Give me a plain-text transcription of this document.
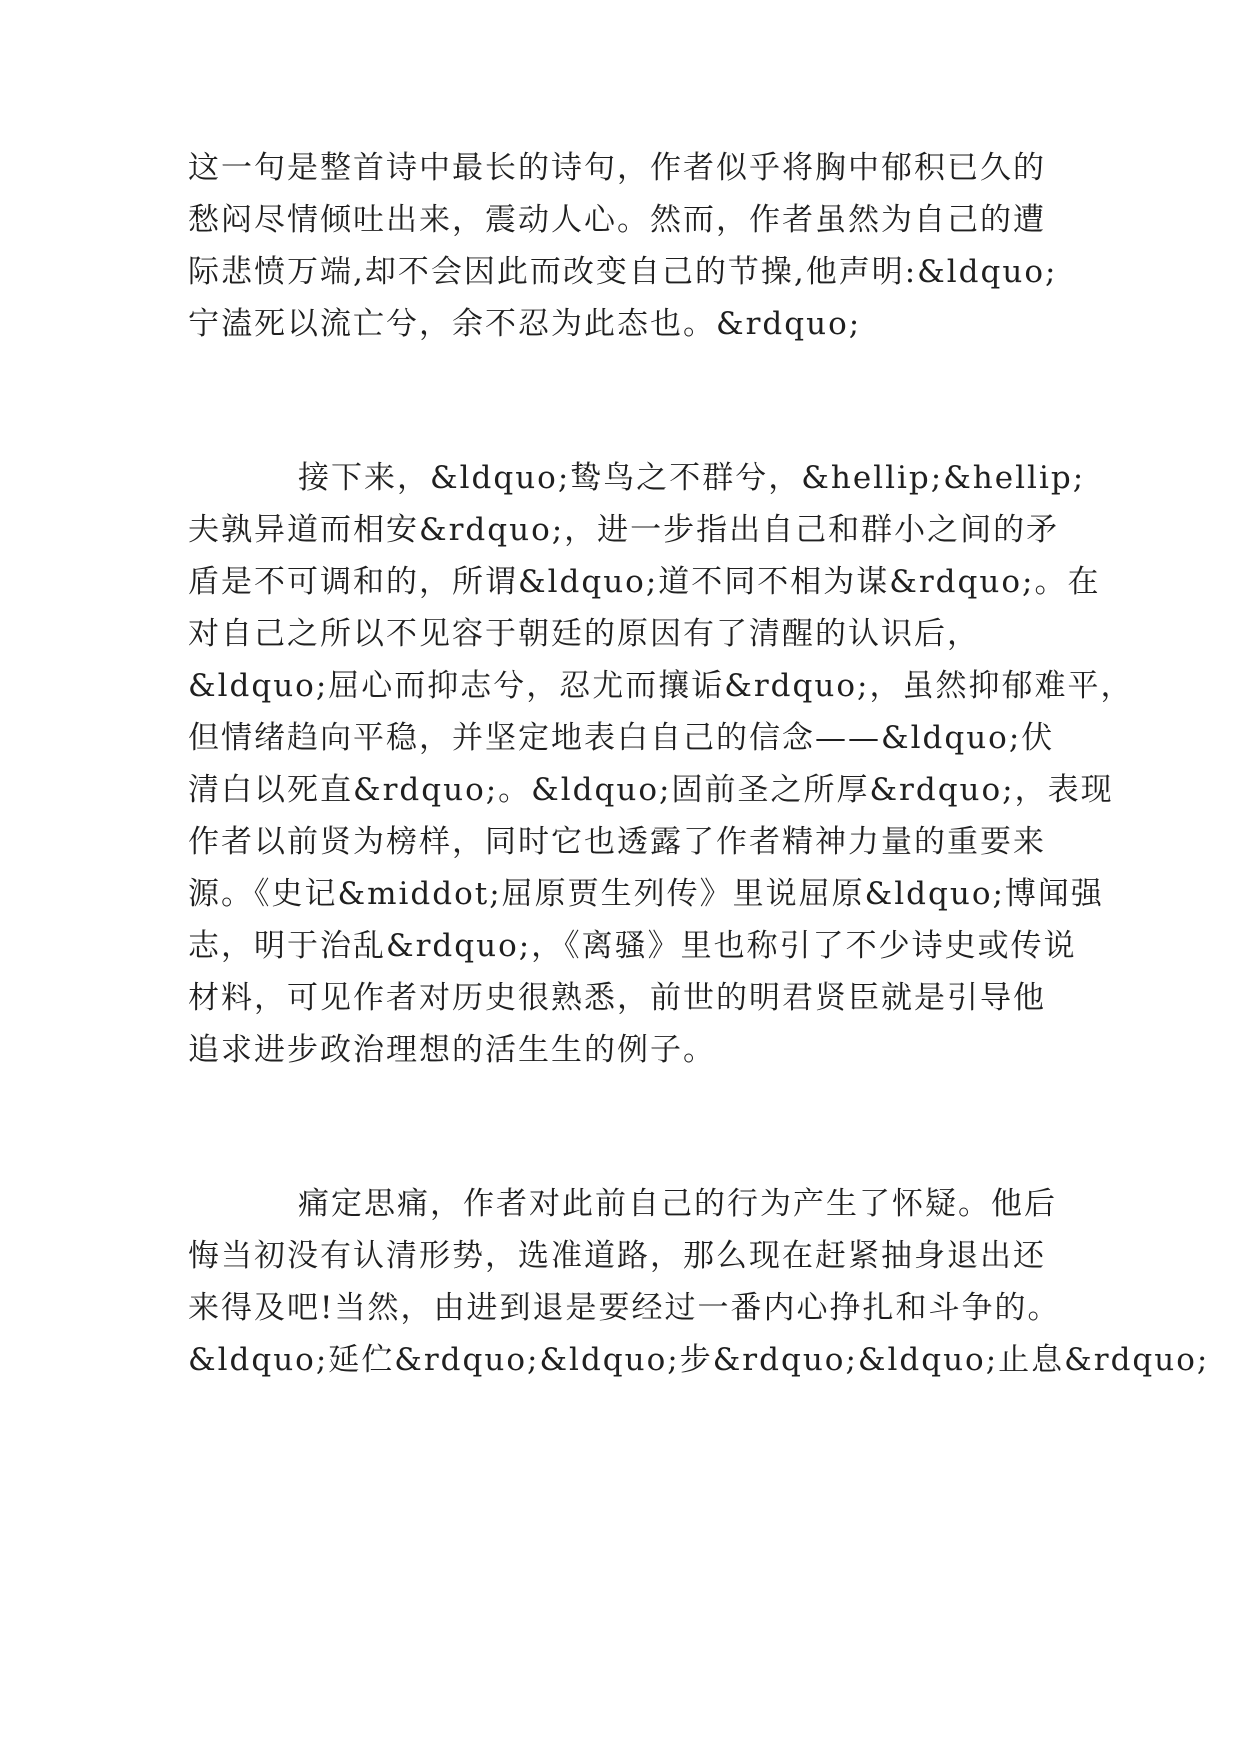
这一句是整首诗中最长的诗句，作者似乎将胸中郁积已久的
愁闷尽情倾吐出来，震动人心。然而，作者虽然为自己的遭
际悲愤万端,却不会因此而改变自己的节操,他声明:&ldquo;
宁溘死以流亡兮，余不忍为此态也。&rdquo;
接下来，&ldquo;鸷鸟之不群兮，&hellip;&hellip;
夫孰异道而相安&rdquo;，进一步指出自己和群小之间的矛
盾是不可调和的，所谓&ldquo;道不同不相为谋&rdquo;。在
对自己之所以不见容于朝廷的原因有了清醒的认识后，
&ldquo;屈心而抑志兮，忍尤而攘诟&rdquo;，虽然抑郁难平，
但情绪趋向平稳，并坚定地表白自己的信念——&ldquo;伏
清白以死直&rdquo;。&ldquo;固前圣之所厚&rdquo;，表现
作者以前贤为榜样，同时它也透露了作者精神力量的重要来
源。《史记&middot;屈原贾生列传》里说屈原&ldquo;博闻强
志，明于治乱&rdquo;，《离骚》里也称引了不少诗史或传说
材料，可见作者对历史很熟悉，前世的明君贤臣就是引导他
追求进步政治理想的活生生的例子。
痛定思痛，作者对此前自己的行为产生了怀疑。他后
悔当初没有认清形势，选准道路，那么现在赶紧抽身退出还
来得及吧!当然，由进到退是要经过一番内心挣扎和斗争的。
&ldquo;延伫&rdquo;&ldquo;步&rdquo;&ldquo;止息&rdquo;
